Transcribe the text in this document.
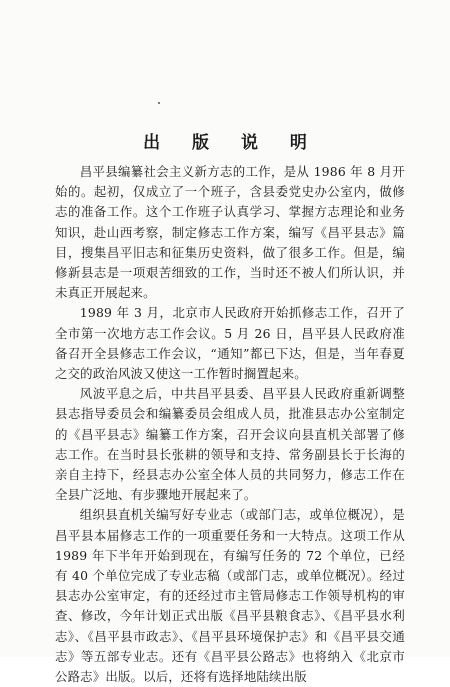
出 版 说 明

昌平县编纂社会主义新方志的工作，是从 1986 年 8 月开始的。起初，仅成立了一个班子，含县委党史办公室内，做修志的准备工作。这个工作班子认真学习、掌握方志理论和业务知识，赴山西考察，制定修志工作方案，编写《昌平县志》篇目，搜集昌平旧志和征集历史资料，做了很多工作。但是，编修新县志是一项艰苦细致的工作，当时还不被人们所认识，并未真正开展起来。

1989 年 3 月，北京市人民政府开始抓修志工作，召开了全市第一次地方志工作会议。5 月 26 日，昌平县人民政府准备召开全县修志工作会议，“通知”都已下达，但是，当年春夏之交的政治风波又使这一工作暂时搁置起来。

风波平息之后，中共昌平县委、昌平县人民政府重新调整县志指导委员会和编纂委员会组成人员，批准县志办公室制定的《昌平县志》编纂工作方案，召开会议向县直机关部署了修志工作。在当时县长张耕的领导和支持、常务副县长于长海的亲自主持下，经县志办公室全体人员的共同努力，修志工作在全县广泛地、有步骤地开展起来了。

组织县直机关编写好专业志（或部门志，或单位概况），是昌平县本届修志工作的一项重要任务和一大特点。这项工作从 1989 年下半年开始到现在，有编写任务的 72 个单位，已经有 40 个单位完成了专业志稿（或部门志，或单位概况）。经过县志办公室审定，有的还经过市主管局修志工作领导机构的审查、修改，今年计划正式出版《昌平县粮食志》、《昌平县水利志》、《昌平县市政志》、《昌平县环境保护志》和《昌平县交通志》等五部专业志。还有《昌平县公路志》也将纳入《北京市公路志》出版。以后，还将有选择地陆续出版
